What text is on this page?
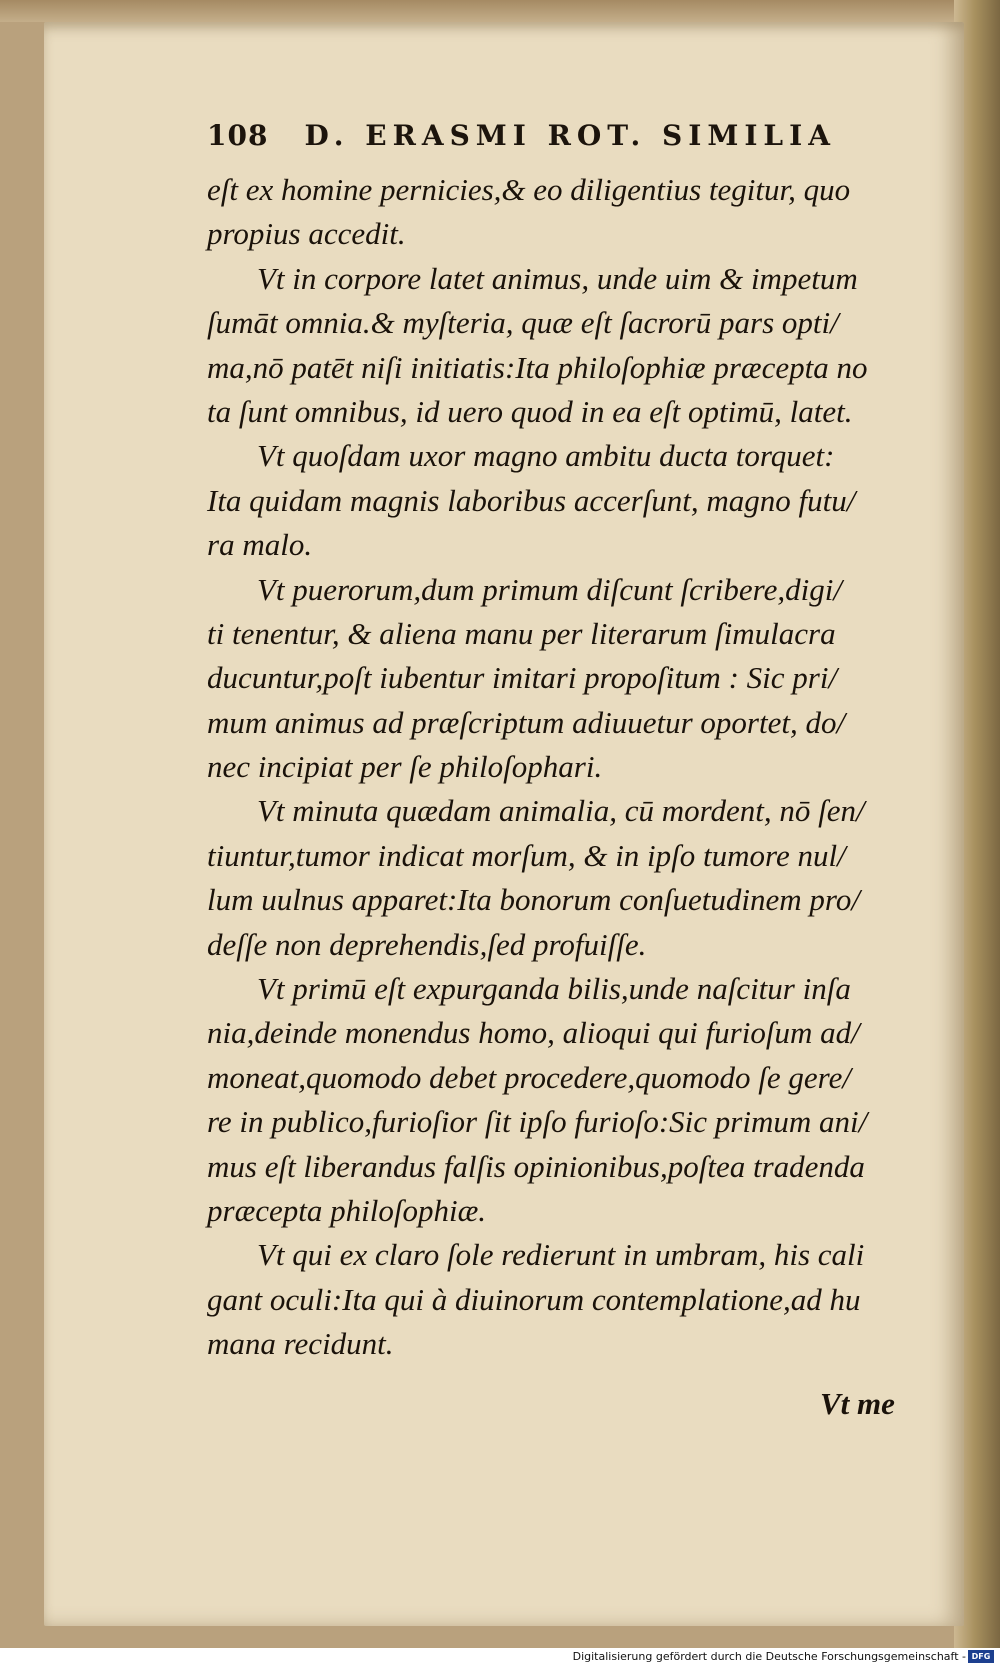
108 D. ERASMI ROT. SIMILIA
eſt ex homine pernicies,& eo diligentius tegitur, quo
propius accedit.
Vt in corpore latet animus, unde uim & impetum
ſumāt omnia.& myſteria, quæ eſt ſacrorū pars opti/
ma,nō patēt niſi initiatis:Ita philoſophiæ præcepta no
ta ſunt omnibus, id uero quod in ea eſt optimū, latet.
Vt quoſdam uxor magno ambitu ducta torquet:
Ita quidam magnis laboribus accerſunt, magno futu/
ra malo.
Vt puerorum,dum primum diſcunt ſcribere,digi/
ti tenentur, & aliena manu per literarum ſimulacra
ducuntur,poſt iubentur imitari propoſitum : Sic pri/
mum animus ad præſcriptum adiuuetur oportet, do/
nec incipiat per ſe philoſophari.
Vt minuta quædam animalia, cū mordent, nō ſen/
tiuntur,tumor indicat morſum, & in ipſo tumore nul/
lum uulnus apparet:Ita bonorum conſuetudinem pro/
deſſe non deprehendis,ſed profuiſſe.
Vt primū eſt expurganda bilis,unde naſcitur inſa
nia,deinde monendus homo, alioqui qui furioſum ad/
moneat,quomodo debet procedere,quomodo ſe gere/
re in publico,furioſior ſit ipſo furioſo:Sic primum ani/
mus eſt liberandus falſis opinionibus,poſtea tradenda
præcepta philoſophiæ.
Vt qui ex claro ſole redierunt in umbram, his cali
gant oculi:Ita qui à diuinorum contemplatione,ad hu
mana recidunt.
Vt me
Digitalisierung gefördert durch die Deutsche Forschungsgemeinschaft - DFG
